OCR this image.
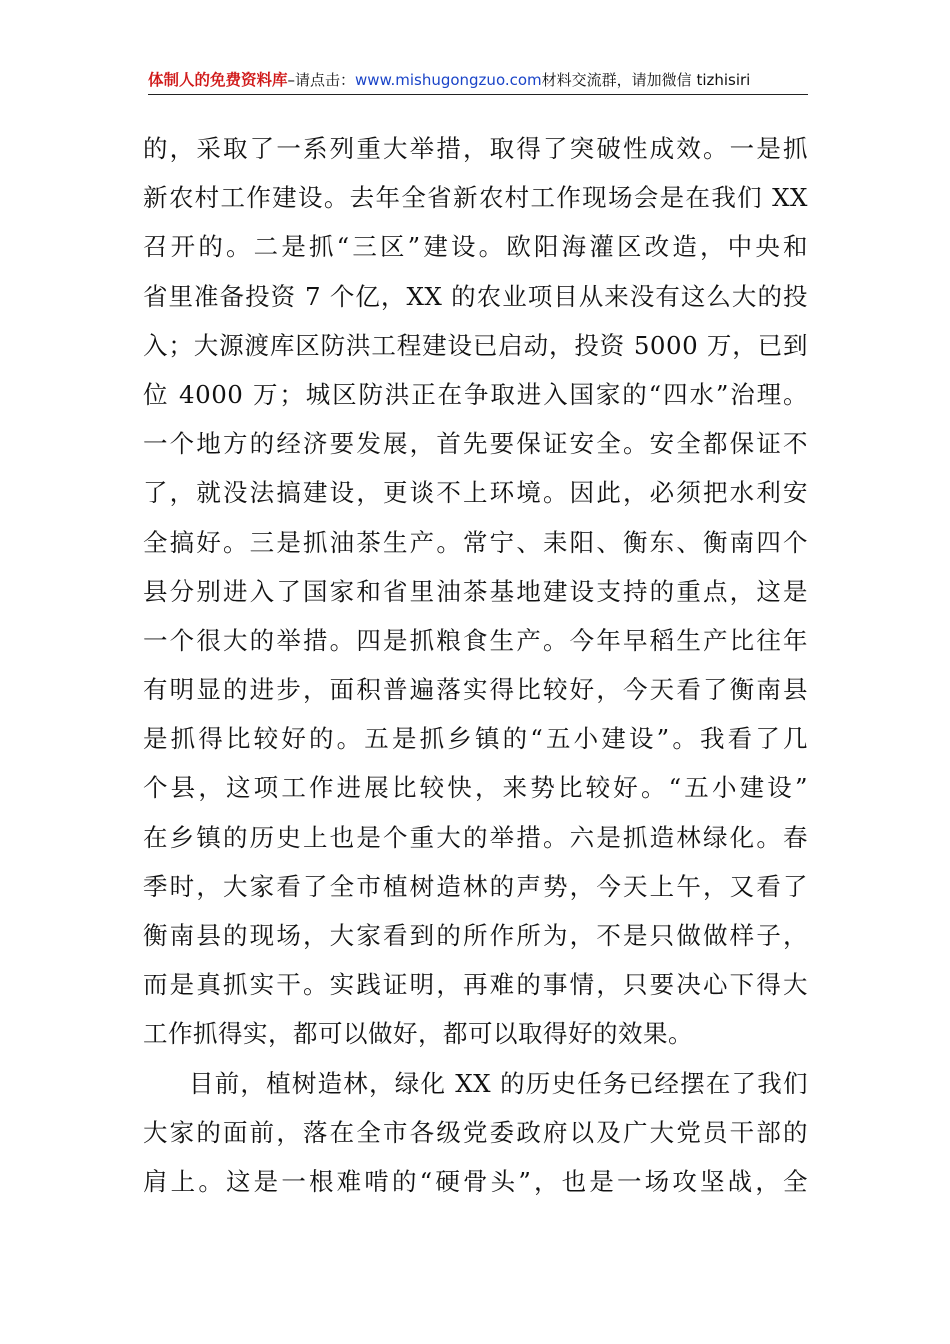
体制人的免费资料库–请点击：www.mishugongzuo.com材料交流群，请加微信 tizhisiri
的，采取了一系列重大举措，取得了突破性成效。一是抓
新农村工作建设。去年全省新农村工作现场会是在我们 XX
召开的。二是抓“三区”建设。欧阳海灌区改造，中央和
省里准备投资 7 个亿，XX 的农业项目从来没有这么大的投
入；大源渡库区防洪工程建设已启动，投资 5000 万，已到
位 4000 万；城区防洪正在争取进入国家的“四水”治理。
一个地方的经济要发展，首先要保证安全。安全都保证不
了，就没法搞建设，更谈不上环境。因此，必须把水利安
全搞好。三是抓油茶生产。常宁、耒阳、衡东、衡南四个
县分别进入了国家和省里油茶基地建设支持的重点，这是
一个很大的举措。四是抓粮食生产。今年早稻生产比往年
有明显的进步，面积普遍落实得比较好，今天看了衡南县
是抓得比较好的。五是抓乡镇的“五小建设”。我看了几
个县，这项工作进展比较快，来势比较好。“五小建设”
在乡镇的历史上也是个重大的举措。六是抓造林绿化。春
季时，大家看了全市植树造林的声势，今天上午，又看了
衡南县的现场，大家看到的所作所为，不是只做做样子，
而是真抓实干。实践证明，再难的事情，只要决心下得大
工作抓得实，都可以做好，都可以取得好的效果。
目前，植树造林，绿化 XX 的历史任务已经摆在了我们
大家的面前，落在全市各级党委政府以及广大党员干部的
肩上。这是一根难啃的“硬骨头”，也是一场攻坚战，全
